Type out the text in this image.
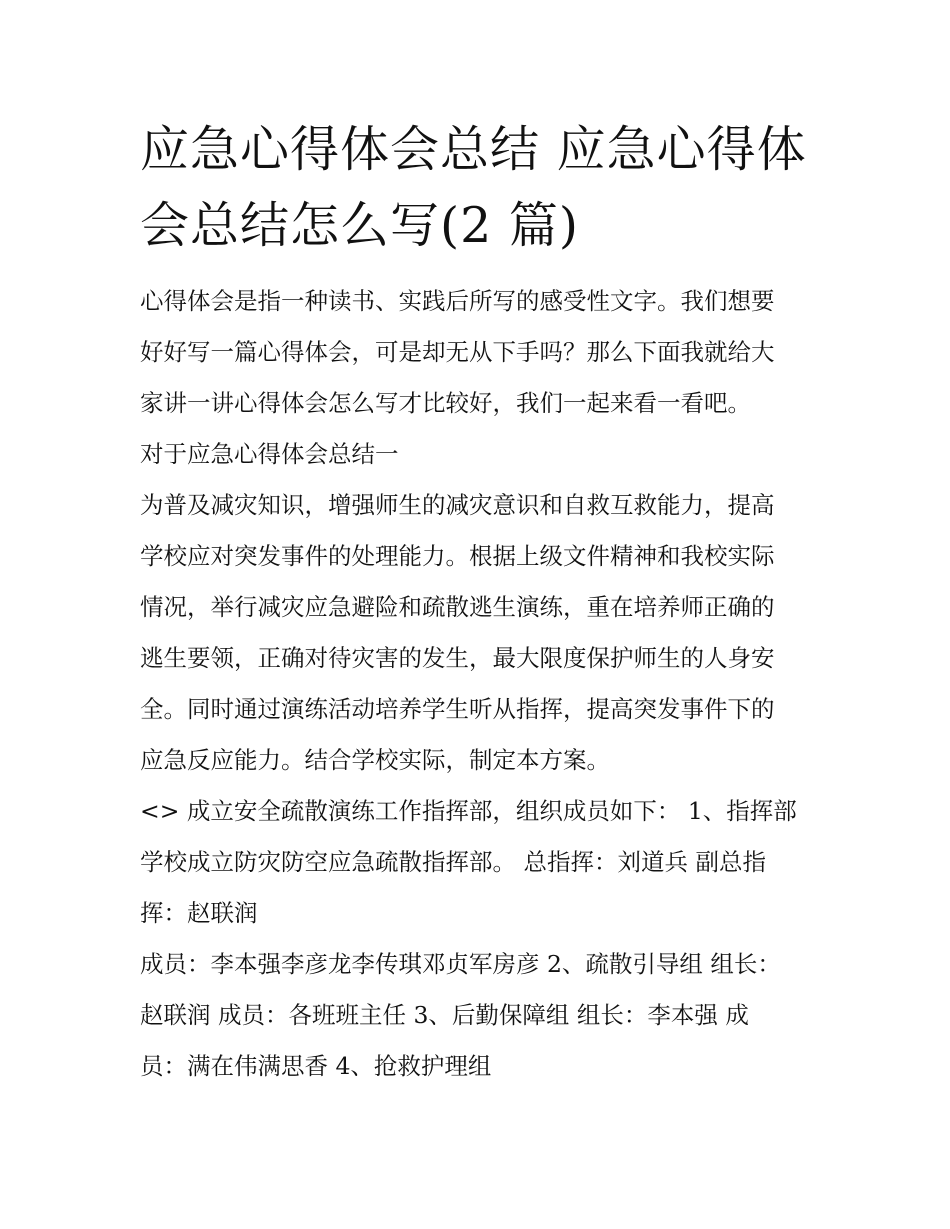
应急心得体会总结 应急心得体
会总结怎么写(2 篇)

心得体会是指一种读书、实践后所写的感受性文字。我们想要
好好写一篇心得体会，可是却无从下手吗？那么下面我就给大
家讲一讲心得体会怎么写才比较好，我们一起来看一看吧。

对于应急心得体会总结一

为普及减灾知识，增强师生的减灾意识和自救互救能力，提高
学校应对突发事件的处理能力。根据上级文件精神和我校实际
情况，举行减灾应急避险和疏散逃生演练，重在培养师正确的
逃生要领，正确对待灾害的发生，最大限度保护师生的人身安
全。同时通过演练活动培养学生听从指挥，提高突发事件下的
应急反应能力。结合学校实际，制定本方案。

<> 成立安全疏散演练工作指挥部，组织成员如下： 1、指挥部
学校成立防灾防空应急疏散指挥部。 总指挥：刘道兵 副总指
挥：赵联润

成员：李本强李彦龙李传琪邓贞军房彦 2、疏散引导组 组长：
赵联润 成员：各班班主任 3、后勤保障组 组长：李本强 成
员：满在伟满思香 4、抢救护理组
